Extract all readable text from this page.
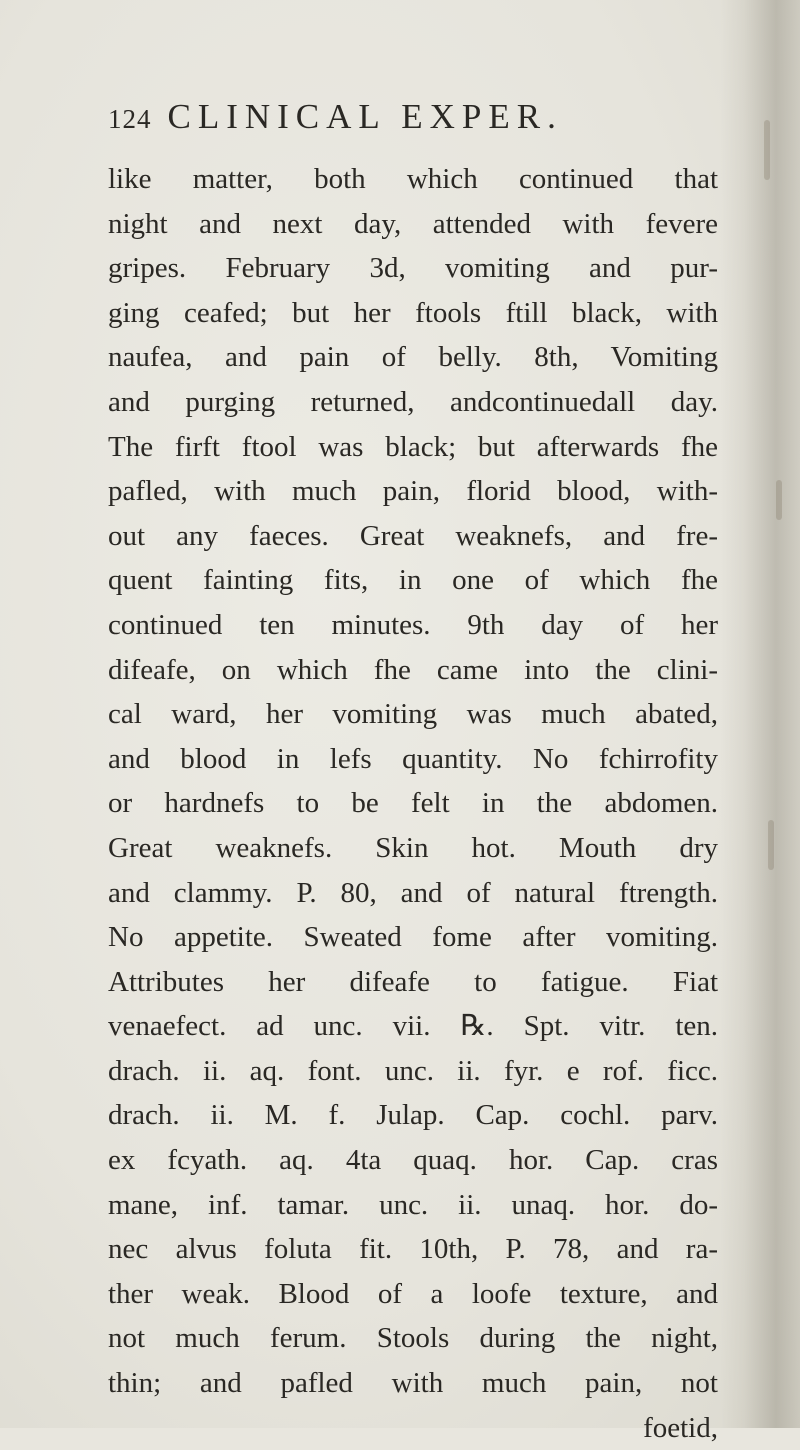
124 CLINICAL EXPER.
like matter, both which continued that
night and next day, attended with fevere
gripes. February 3d, vomiting and pur-
ging ceafed; but her ftools ftill black, with
naufea, and pain of belly. 8th, Vomiting
and purging returned, andcontinuedall day.
The firft ftool was black; but afterwards fhe
pafled, with much pain, florid blood, with-
out any faeces. Great weaknefs, and fre-
quent fainting fits, in one of which fhe
continued ten minutes. 9th day of her
difeafe, on which fhe came into the clini-
cal ward, her vomiting was much abated,
and blood in lefs quantity. No fchirrofity
or hardnefs to be felt in the abdomen.
Great weaknefs. Skin hot. Mouth dry
and clammy. P. 80, and of natural ftrength.
No appetite. Sweated fome after vomiting.
Attributes her difeafe to fatigue. Fiat
venaefect. ad unc. vii. ℞. Spt. vitr. ten.
drach. ii. aq. font. unc. ii. fyr. e rof. ficc.
drach. ii. M. f. Julap. Cap. cochl. parv.
ex fcyath. aq. 4ta quaq. hor. Cap. cras
mane, inf. tamar. unc. ii. unaq. hor. do-
nec alvus foluta fit. 10th, P. 78, and ra-
ther weak. Blood of a loofe texture, and
not much ferum. Stools during the night,
thin; and pafled with much pain, not
foetid,
